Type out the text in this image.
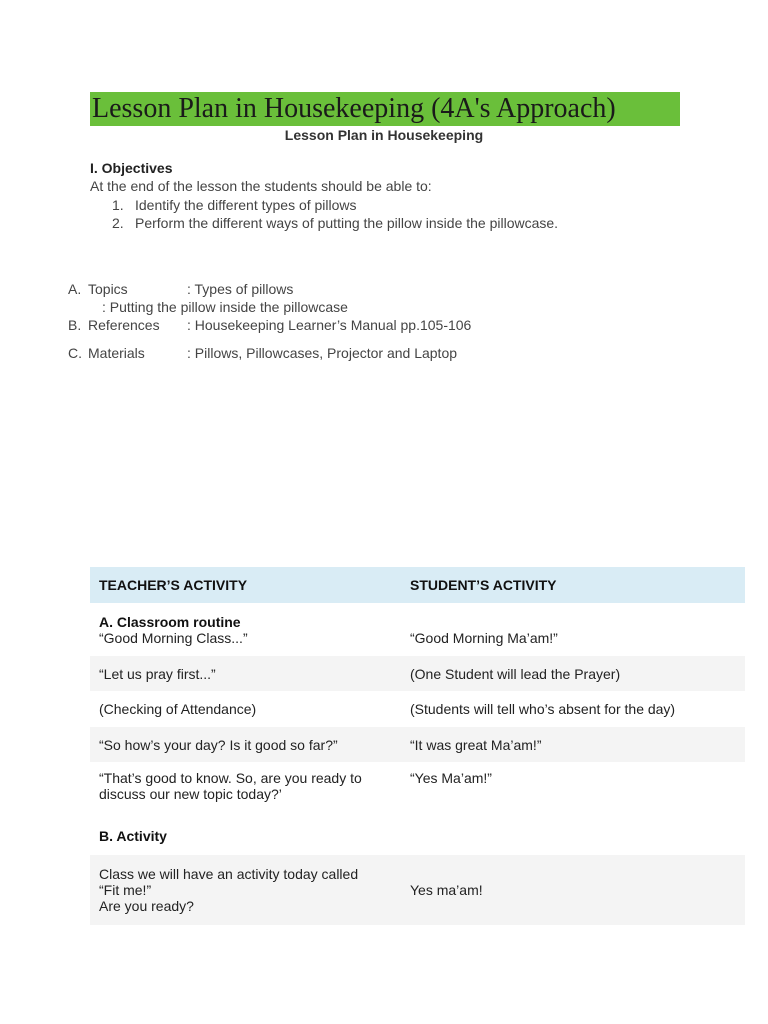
Lesson Plan in Housekeeping (4A's Approach)
Lesson Plan in Housekeeping
I. Objectives
At the end of the lesson the students should be able to:
1. Identify the different types of pillows
2. Perform the different ways of putting the pillow inside the pillowcase.
A. Topics	: Types of pillows
: Putting the pillow inside the pillowcase
B. References : Housekeeping Learner’s Manual pp.105-106
C. Materials	: Pillows, Pillowcases, Projector and Laptop
TEACHER’S ACTIVITY	STUDENT’S ACTIVITY

A. Classroom routine
“Good Morning Class...”	“Good Morning Ma’am!”
“Let us pray first...”	(One Student will lead the Prayer)
(Checking of Attendance)	(Students will tell who’s absent for the day)
“So how’s your day? Is it good so far?”	“It was great Ma’am!”

“That’s good to know. So, are you ready to
discuss our new topic today?’	“Yes Ma’am!”
B. Activity	

Class we will have an activity today called
“Fit me!”
Are you ready?	Yes ma’am!
